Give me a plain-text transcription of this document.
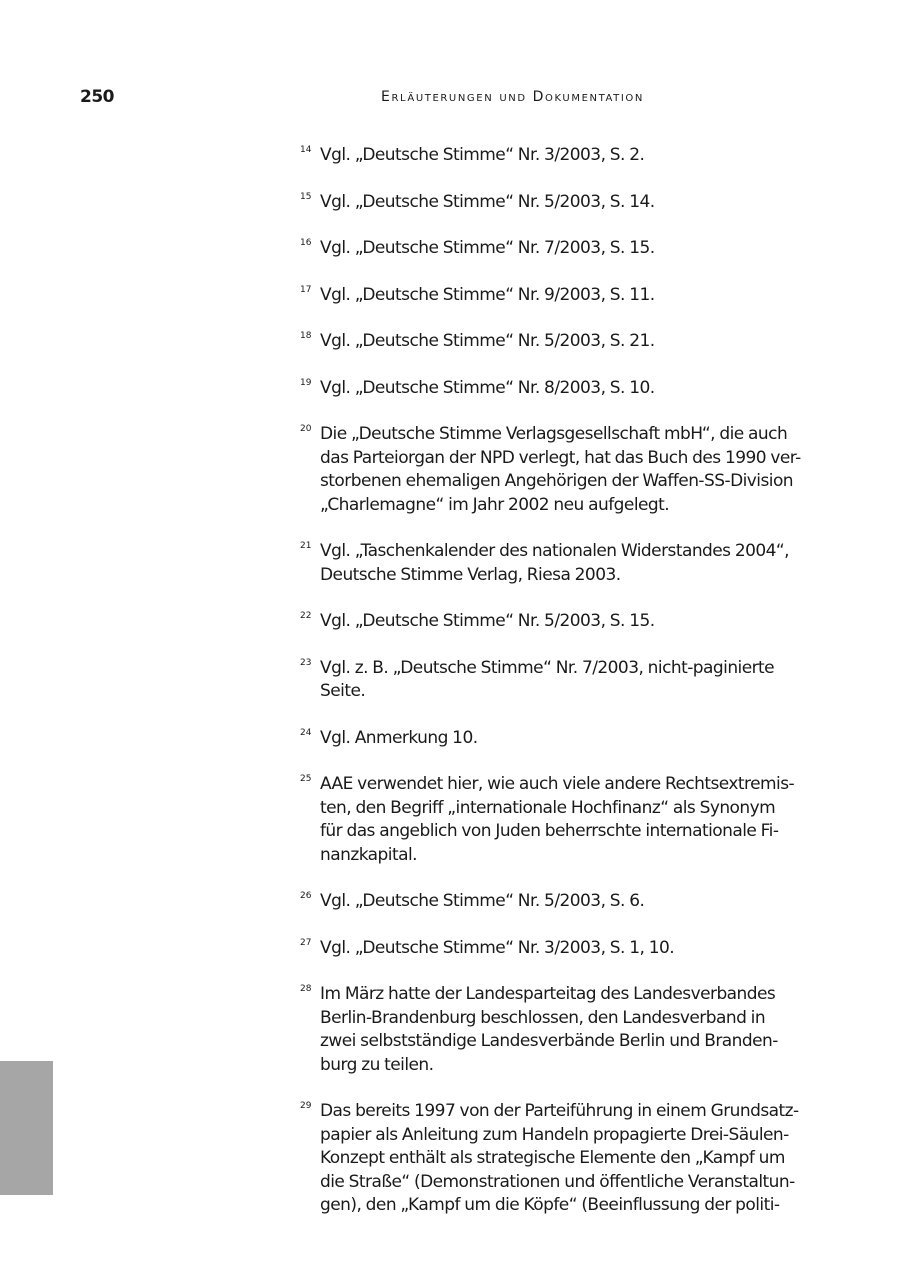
250	Erläuterungen und Dokumentation
14 Vgl. „Deutsche Stimme“ Nr. 3/2003, S. 2.
15 Vgl. „Deutsche Stimme“ Nr. 5/2003, S. 14.
16 Vgl. „Deutsche Stimme“ Nr. 7/2003, S. 15.
17 Vgl. „Deutsche Stimme“ Nr. 9/2003, S. 11.
18 Vgl. „Deutsche Stimme“ Nr. 5/2003, S. 21.
19 Vgl. „Deutsche Stimme“ Nr. 8/2003, S. 10.
20 Die „Deutsche Stimme Verlagsgesellschaft mbH“, die auch
das Parteiorgan der NPD verlegt, hat das Buch des 1990 ver-
storbenen ehemaligen Angehörigen der Waffen-SS-Division
„Charlemagne“ im Jahr 2002 neu aufgelegt.
21 Vgl. „Taschenkalender des nationalen Widerstandes 2004“,
Deutsche Stimme Verlag, Riesa 2003.
22 Vgl. „Deutsche Stimme“ Nr. 5/2003, S. 15.
23 Vgl. z. B. „Deutsche Stimme“ Nr. 7/2003, nicht-paginierte
Seite.
24 Vgl. Anmerkung 10.
25 AAE verwendet hier, wie auch viele andere Rechtsextremis-
ten, den Begriff „internationale Hochfinanz“ als Synonym
für das angeblich von Juden beherrschte internationale Fi-
nanzkapital.
26 Vgl. „Deutsche Stimme“ Nr. 5/2003, S. 6.
27 Vgl. „Deutsche Stimme“ Nr. 3/2003, S. 1, 10.
28 Im März hatte der Landesparteitag des Landesverbandes
Berlin-Brandenburg beschlossen, den Landesverband in
zwei selbstständige Landesverbände Berlin und Branden-
burg zu teilen.
29 Das bereits 1997 von der Parteiführung in einem Grundsatz-
papier als Anleitung zum Handeln propagierte Drei-Säulen-
Konzept enthält als strategische Elemente den „Kampf um
die Straße“ (Demonstrationen und öffentliche Veranstaltun-
gen), den „Kampf um die Köpfe“ (Beeinflussung der politi-
